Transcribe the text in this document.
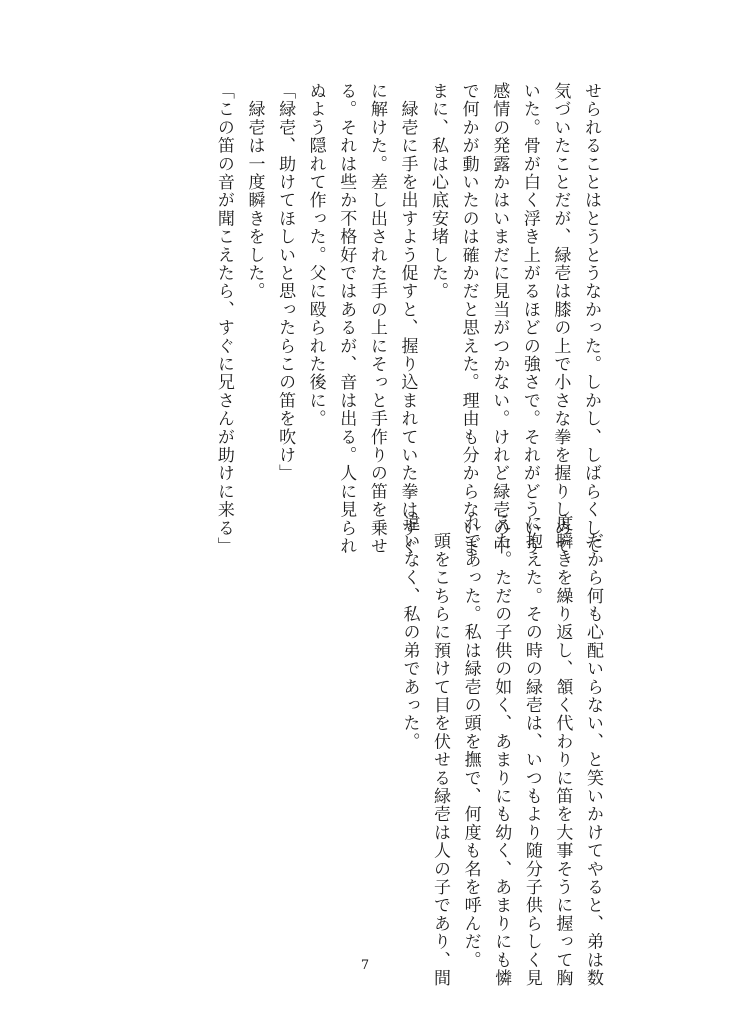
せられることはとうとうなかった。しかし、しばらくして
気づいたことだが、緑壱は膝の上で小さな拳を握りしめて
いた。骨が白く浮き上がるほどの強さで。それがどういう
感情の発露かはいまだに見当がつかない。けれど緑壱の中
で何かが動いたのは確かだと思えた。理由も分からないま
まに、私は心底安堵した。
　緑壱に手を出すよう促すと、握り込まれていた拳はすぐ
に解けた。差し出された手の上にそっと手作りの笛を乗せ
る。それは些か不格好ではあるが、音は出る。人に見られ
ぬよう隠れて作った。父に殴られた後に。
「緑壱、助けてほしいと思ったらこの笛を吹け」
　緑壱は一度瞬きをした。
「この笛の音が聞こえたら、すぐに兄さんが助けに来る」
　だから何も心配いらない、と笑いかけてやると、弟は数
度瞬きを繰り返し、頷く代わりに笛を大事そうに握って胸
に抱えた。その時の緑壱は、いつもより随分子供らしく見
えた。ただの子供の如く、あまりにも幼く、あまりにも憐
れであった。私は緑壱の頭を撫で、何度も名を呼んだ。
　頭をこちらに預けて目を伏せる緑壱は人の子であり、間
違いなく、私の弟であった。
7
